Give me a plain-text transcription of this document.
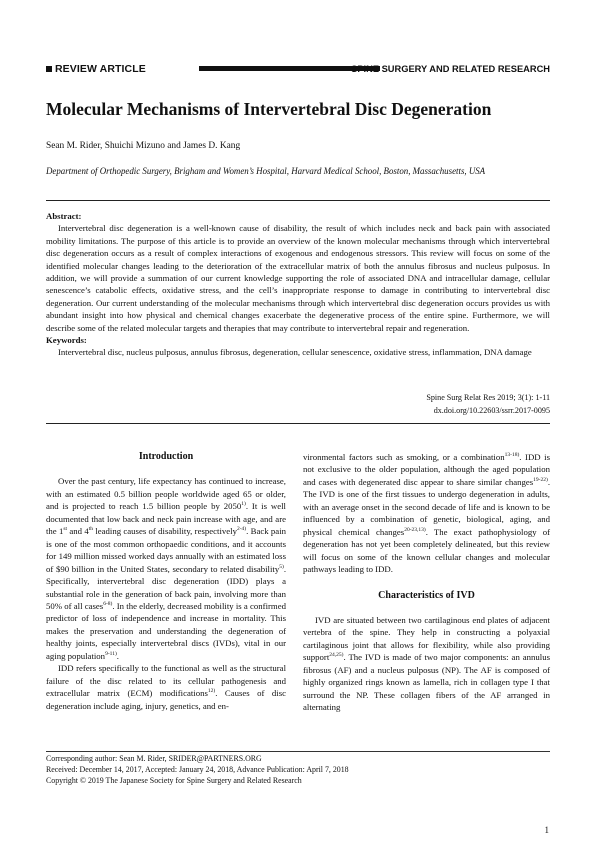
REVIEW ARTICLE	SPINE SURGERY AND RELATED RESEARCH
Molecular Mechanisms of Intervertebral Disc Degeneration
Sean M. Rider, Shuichi Mizuno and James D. Kang
Department of Orthopedic Surgery, Brigham and Women’s Hospital, Harvard Medical School, Boston, Massachusetts, USA
Abstract:
Intervertebral disc degeneration is a well-known cause of disability, the result of which includes neck and back pain with associated mobility limitations. The purpose of this article is to provide an overview of the known molecular mechanisms through which intervertebral disc degeneration occurs as a result of complex interactions of exogenous and endogenous stressors. This review will focus on some of the identified molecular changes leading to the deterioration of the extracellular matrix of both the annulus fibrosus and nucleus pulposus. In addition, we will provide a summation of our current knowledge supporting the role of associated DNA and intracellular damage, cellular senescence’s catabolic effects, oxidative stress, and the cell’s inappropriate response to damage in contributing to intervertebral disc degeneration. Our current understanding of the molecular mechanisms through which intervertebral disc degeneration occurs provides us with abundant insight into how physical and chemical changes exacerbate the degenerative process of the entire spine. Furthermore, we will describe some of the related molecular targets and therapies that may contribute to intervertebral repair and regeneration.
Keywords:
Intervertebral disc, nucleus pulposus, annulus fibrosus, degeneration, cellular senescence, oxidative stress, inflammation, DNA damage
Spine Surg Relat Res 2019; 3(1): 1-11
dx.doi.org/10.22603/ssrr.2017-0095
Introduction

Over the past century, life expectancy has continued to increase, with an estimated 0.5 billion people worldwide aged 65 or older, and is projected to reach 1.5 billion people by 2050$^{1)}$. It is well documented that low back and neck pain increase with age, and are the 1st and 4th leading causes of disability, respectively$^{2-4)}$. Back pain is one of the most common orthopaedic conditions, and it accounts for 149 million missed worked days annually with an estimated loss of $90 billion in the United States, secondary to related disability$^{5)}$. Specifically, intervertebral disc degeneration (IDD) plays a substantial role in the generation of back pain, involving more than 50% of all cases$^{6-8)}$. In the elderly, decreased mobility is a confirmed predictor of loss of independence and increase in mortality. This makes the preservation and understanding the degeneration of healthy joints, especially intervertebral discs (IVDs), vital in our aging population$^{9-11)}$.

IDD refers specifically to the functional as well as the structural failure of the disc related to its cellular pathogenesis and extracellular matrix (ECM) modifications$^{12)}$. Causes of disc degeneration include aging, injury, genetics, and en-

vironmental factors such as smoking, or a combination$^{13-18)}$. IDD is not exclusive to the older population, although the aged population and cases with degenerated disc appear to share similar changes$^{19-22)}$. The IVD is one of the first tissues to undergo degeneration in adults, with an average onset in the second decade of life and is known to be influenced by a combination of genetic, biological, aging, and physical chemical changes$^{20-23,13)}$. The exact pathophysiology of degeneration has not yet been completely delineated, but this review will focus on some of the known cellular changes and molecular pathways leading to IDD.

Characteristics of IVD

IVD are situated between two cartilaginous end plates of adjacent vertebra of the spine. They help in constructing a polyaxial cartilaginous joint that allows for flexibility, while also providing support$^{24,25)}$. The IVD is made of two major components: an annulus fibrosus (AF) and a nucleus pulposus (NP). The AF is composed of highly organized rings known as lamella, rich in collagen type I that surround the NP. These collagen fibers of the AF arranged in alternating

Corresponding author: Sean M. Rider, SRIDER@PARTNERS.ORG
Received: December 14, 2017, Accepted: January 24, 2018, Advance Publication: April 7, 2018
Copyright © 2019 The Japanese Society for Spine Surgery and Related Research
1
